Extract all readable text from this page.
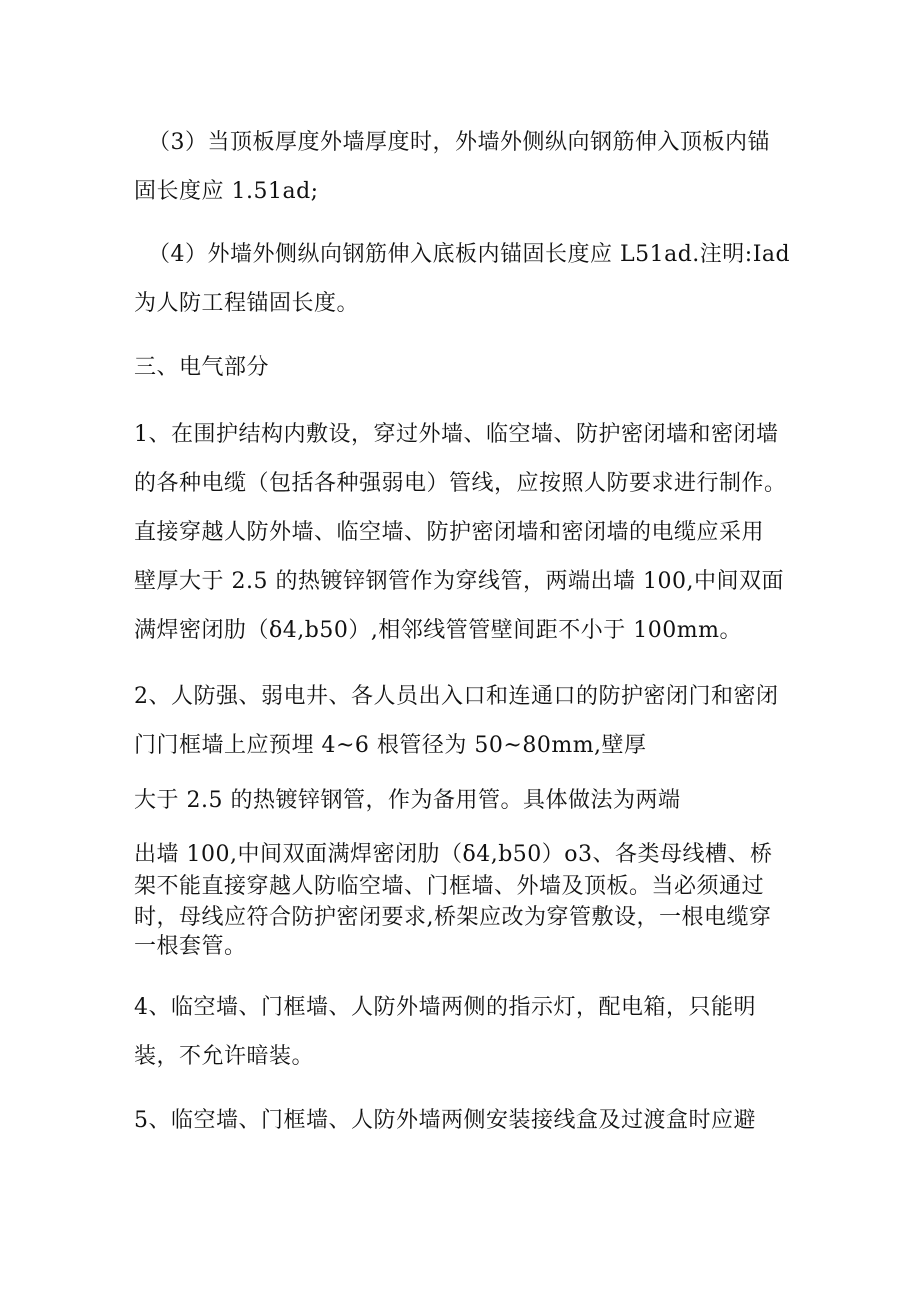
（3）当顶板厚度外墙厚度时，外墙外侧纵向钢筋伸入顶板内锚
固长度应 1.51ad;
（4）外墙外侧纵向钢筋伸入底板内锚固长度应 L51ad.注明:Iad
为人防工程锚固长度。
三、电气部分
1、在围护结构内敷设，穿过外墙、临空墙、防护密闭墙和密闭墙
的各种电缆（包括各种强弱电）管线，应按照人防要求进行制作。
直接穿越人防外墙、临空墙、防护密闭墙和密闭墙的电缆应采用
壁厚大于 2.5 的热镀锌钢管作为穿线管，两端出墙 100,中间双面
满焊密闭肋（δ4,b50）,相邻线管管壁间距不小于 100mm。
2、人防强、弱电井、各人员出入口和连通口的防护密闭门和密闭
门门框墙上应预埋 4~6 根管径为 50~80mm,壁厚
大于 2.5 的热镀锌钢管，作为备用管。具体做法为两端
出墙 100,中间双面满焊密闭肋（δ4,b50）o3、各类母线槽、桥
架不能直接穿越人防临空墙、门框墙、外墙及顶板。当必须通过
时，母线应符合防护密闭要求,桥架应改为穿管敷设，一根电缆穿
一根套管。
4、临空墙、门框墙、人防外墙两侧的指示灯，配电箱，只能明
装，不允许暗装。
5、临空墙、门框墙、人防外墙两侧安装接线盒及过渡盒时应避
